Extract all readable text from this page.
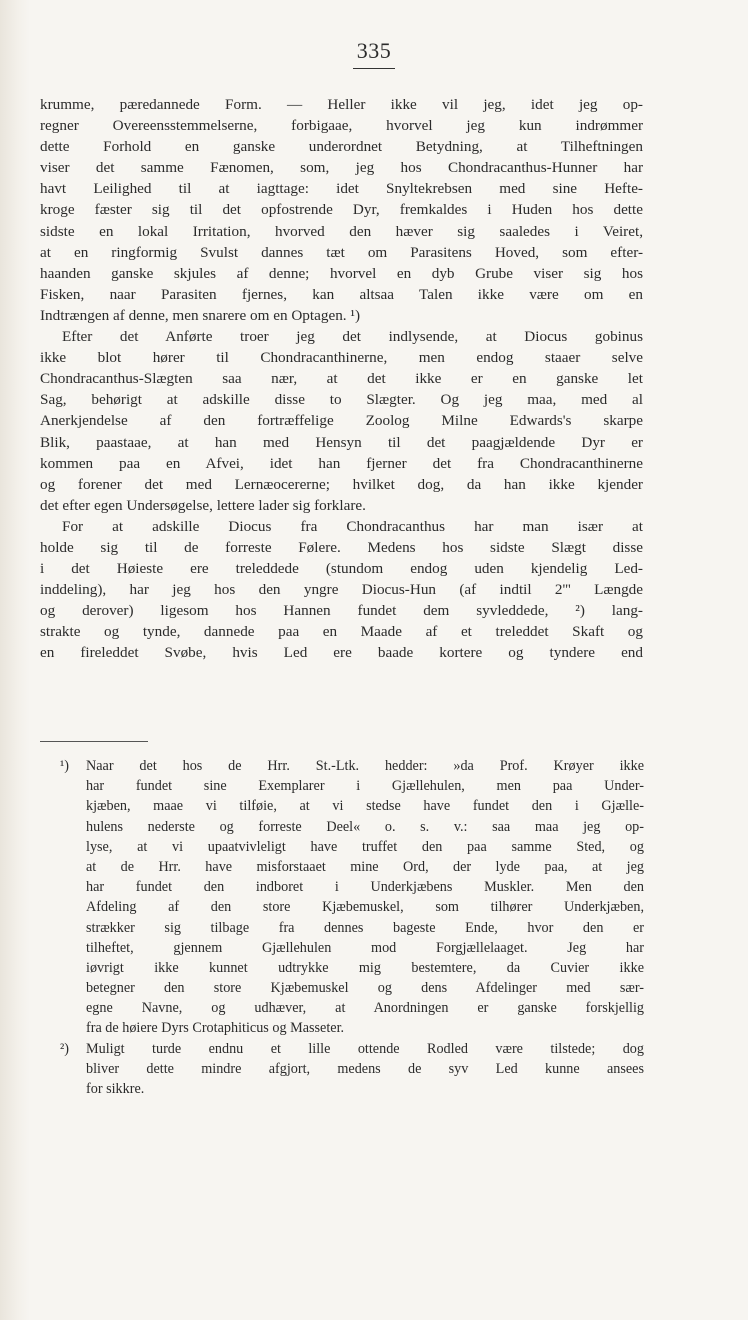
335
krumme, pæredannede Form. — Heller ikke vil jeg, idet jeg op-
regner Overeensstemmelserne, forbigaae, hvorvel jeg kun indrømmer
dette Forhold en ganske underordnet Betydning, at Tilheftningen
viser det samme Fænomen, som, jeg hos Chondracanthus-Hunner har
havt Leilighed til at iagttage: idet Snyltekrebsen med sine Hefte-
kroge fæster sig til det opfostrende Dyr, fremkaldes i Huden hos dette
sidste en lokal Irritation, hvorved den hæver sig saaledes i Veiret,
at en ringformig Svulst dannes tæt om Parasitens Hoved, som efter-
haanden ganske skjules af denne; hvorvel en dyb Grube viser sig hos
Fisken, naar Parasiten fjernes, kan altsaa Talen ikke være om en
Indtrængen af denne, men snarere om en Optagen. ¹)
Efter det Anførte troer jeg det indlysende, at Diocus gobinus
ikke blot hører til Chondracanthinerne, men endog staaer selve
Chondracanthus-Slægten saa nær, at det ikke er en ganske let
Sag, behørigt at adskille disse to Slægter. Og jeg maa, med al
Anerkjendelse af den fortræffelige Zoolog Milne Edwards's skarpe
Blik, paastaae, at han med Hensyn til det paagjældende Dyr er
kommen paa en Afvei, idet han fjerner det fra Chondracanthinerne
og forener det med Lernæocererne; hvilket dog, da han ikke kjender
det efter egen Undersøgelse, lettere lader sig forklare.
For at adskille Diocus fra Chondracanthus har man især at
holde sig til de forreste Følere. Medens hos sidste Slægt disse
i det Høieste ere treleddede (stundom endog uden kjendelig Led-
inddeling), har jeg hos den yngre Diocus-Hun (af indtil 2''' Længde
og derover) ligesom hos Hannen fundet dem syvleddede, ²) lang-
strakte og tynde, dannede paa en Maade af et treleddet Skaft og
en fireleddet Svøbe, hvis Led ere baade kortere og tyndere end
¹) Naar det hos de Hrr. St.-Ltk. hedder: »da Prof. Krøyer ikke
har fundet sine Exemplarer i Gjællehulen, men paa Under-
kjæben, maae vi tilføie, at vi stedse have fundet den i Gjælle-
hulens nederste og forreste Deel« o. s. v.: saa maa jeg op-
lyse, at vi upaatvivleligt have truffet den paa samme Sted, og
at de Hrr. have misforstaaet mine Ord, der lyde paa, at jeg
har fundet den indboret i Underkjæbens Muskler. Men den
Afdeling af den store Kjæbemuskel, som tilhører Underkjæben,
strækker sig tilbage fra dennes bageste Ende, hvor den er
tilheftet, gjennem Gjællehulen mod Forgjællelaaget. Jeg har
iøvrigt ikke kunnet udtrykke mig bestemtere, da Cuvier ikke
betegner den store Kjæbemuskel og dens Afdelinger med sær-
egne Navne, og udhæver, at Anordningen er ganske forskjellig
fra de høiere Dyrs Crotaphiticus og Masseter.
²) Muligt turde endnu et lille ottende Rodled være tilstede; dog
bliver dette mindre afgjort, medens de syv Led kunne ansees
for sikkre.
